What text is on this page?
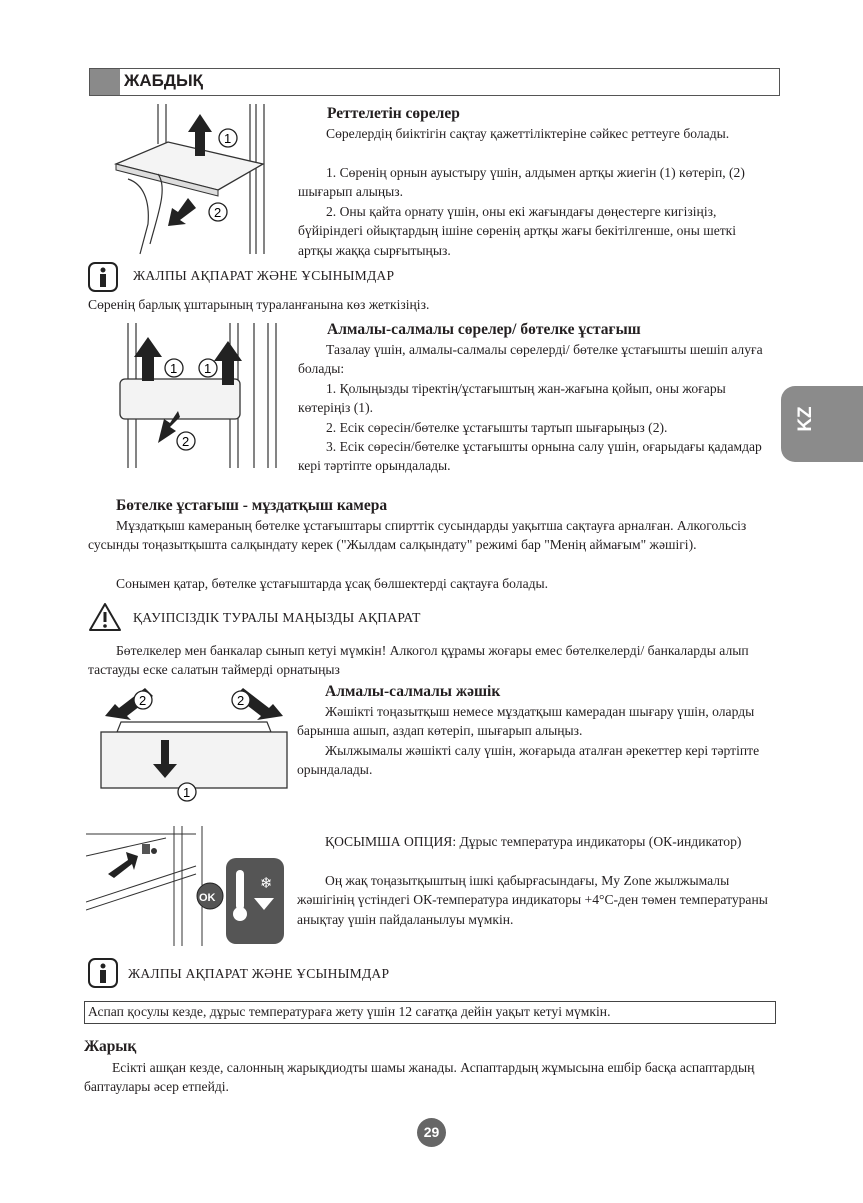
ЖАБДЫҚ
KZ
1
2
Реттелетін сөрелер
Сөрелердің биіктігін сақтау қажеттіліктеріне сәйкес реттеуге болады.
1. Сөренің орнын ауыстыру үшін, алдымен артқы жиегін (1) көтеріп, (2) шығарып алыңыз.
2. Оны қайта орнату үшін, оны екі жағындағы дөңестерге кигізіңіз, бүйіріндегі ойықтардың ішіне сөренің артқы жағы бекітілгенше, оны шеткі артқы жаққа сырғытыңыз.
ЖАЛПЫ АҚПАРАТ ЖӘНЕ ҰСЫНЫМДАР
Сөренің барлық ұштарының тураланғанына көз жеткізіңіз.
1 1
2
Алмалы-салмалы сөрелер/ бөтелке ұстағыш
Тазалау үшін, алмалы-салмалы сөрелерді/ бөтелке ұстағышты шешіп алуға болады:
1. Қолыңызды тіректің/ұстағыштың жан-жағына қойып, оны жоғары көтеріңіз (1).
2. Есік сөресін/бөтелке ұстағышты тартып шығарыңыз (2).
3. Есік сөресін/бөтелке ұстағышты орнына салу үшін, оғарыдағы қадамдар кері тәртіпте орындалады.
Бөтелке ұстағыш - мұздатқыш камера
Мұздатқыш камераның бөтелке ұстағыштары спирттік сусындарды уақытша сақтауға арналған. Алкогольсіз сусынды тоңазытқышта салқындату керек ("Жылдам салқындату" режимі бар "Менің аймағым" жәшігі).
Сонымен қатар, бөтелке ұстағыштарда ұсақ бөлшектерді сақтауға болады.
ҚАУІПСІЗДІК ТУРАЛЫ МАҢЫЗДЫ АҚПАРАТ
Бөтелкелер мен банкалар сынып кетуі мүмкін! Алкогол құрамы жоғары емес бөтелкелерді/ банкаларды алып тастауды еске салатын таймерді орнатыңыз
2	2
1
Алмалы-салмалы жәшік
Жәшікті тоңазытқыш немесе мұздатқыш камерадан шығару үшін, оларды барынша ашып, аздап көтеріп, шығарып алыңыз.
Жылжымалы жәшікті салу үшін, жоғарыда аталған әрекеттер кері тәртіпте орындалады.
❄
OK
ҚОСЫМША ОПЦИЯ: Дұрыс температура индикаторы (ОК-индикатор)
Оң жақ тоңазытқыштың ішкі қабырғасындағы, My Zone жылжымалы жәшігінің үстіндегі ОК-температура индикаторы +4°С-ден төмен температураны анықтау үшін пайдаланылуы мүмкін.
ЖАЛПЫ АҚПАРАТ ЖӘНЕ ҰСЫНЫМДАР
Аспап қосулы кезде, дұрыс температураға жету үшін 12 сағатқа дейін уақыт кетуі мүмкін.
Жарық
Есікті ашқан кезде, салонның жарықдиодты шамы жанады. Аспаптардың жұмысына ешбір басқа аспаптардың баптаулары әсер етпейді.
29
